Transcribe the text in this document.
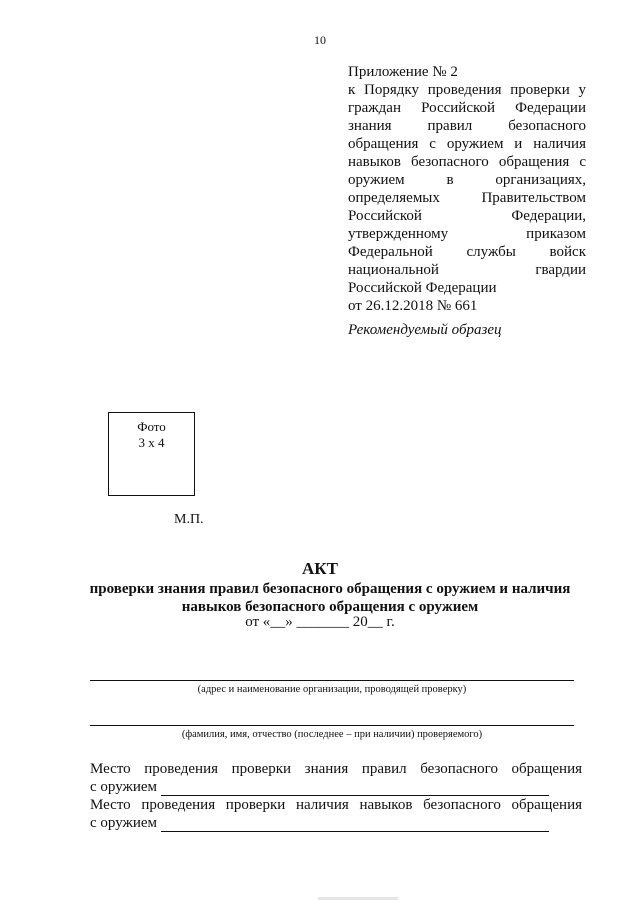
10
Приложение № 2
к Порядку проведения проверки у
граждан Российской Федерации
знания правил безопасного
обращения с оружием и наличия
навыков безопасного обращения с
оружием в организациях,
определяемых Правительством
Российской Федерации,
утвержденному приказом
Федеральной службы войск
национальной гвардии
Российской Федерации
от 26.12.2018 № 661
Рекомендуемый образец
Фото
3 х 4
М.П.
АКТ
проверки знания правил безопасного обращения с оружием и наличия
навыков безопасного обращения с оружием
от «__» _______ 20__ г.
(адрес и наименование организации, проводящей проверку)
(фамилия, имя, отчество (последнее – при наличии) проверяемого)
Место проведения проверки знания правил безопасного обращения
с оружием
Место проведения проверки наличия навыков безопасного обращения
с оружием
